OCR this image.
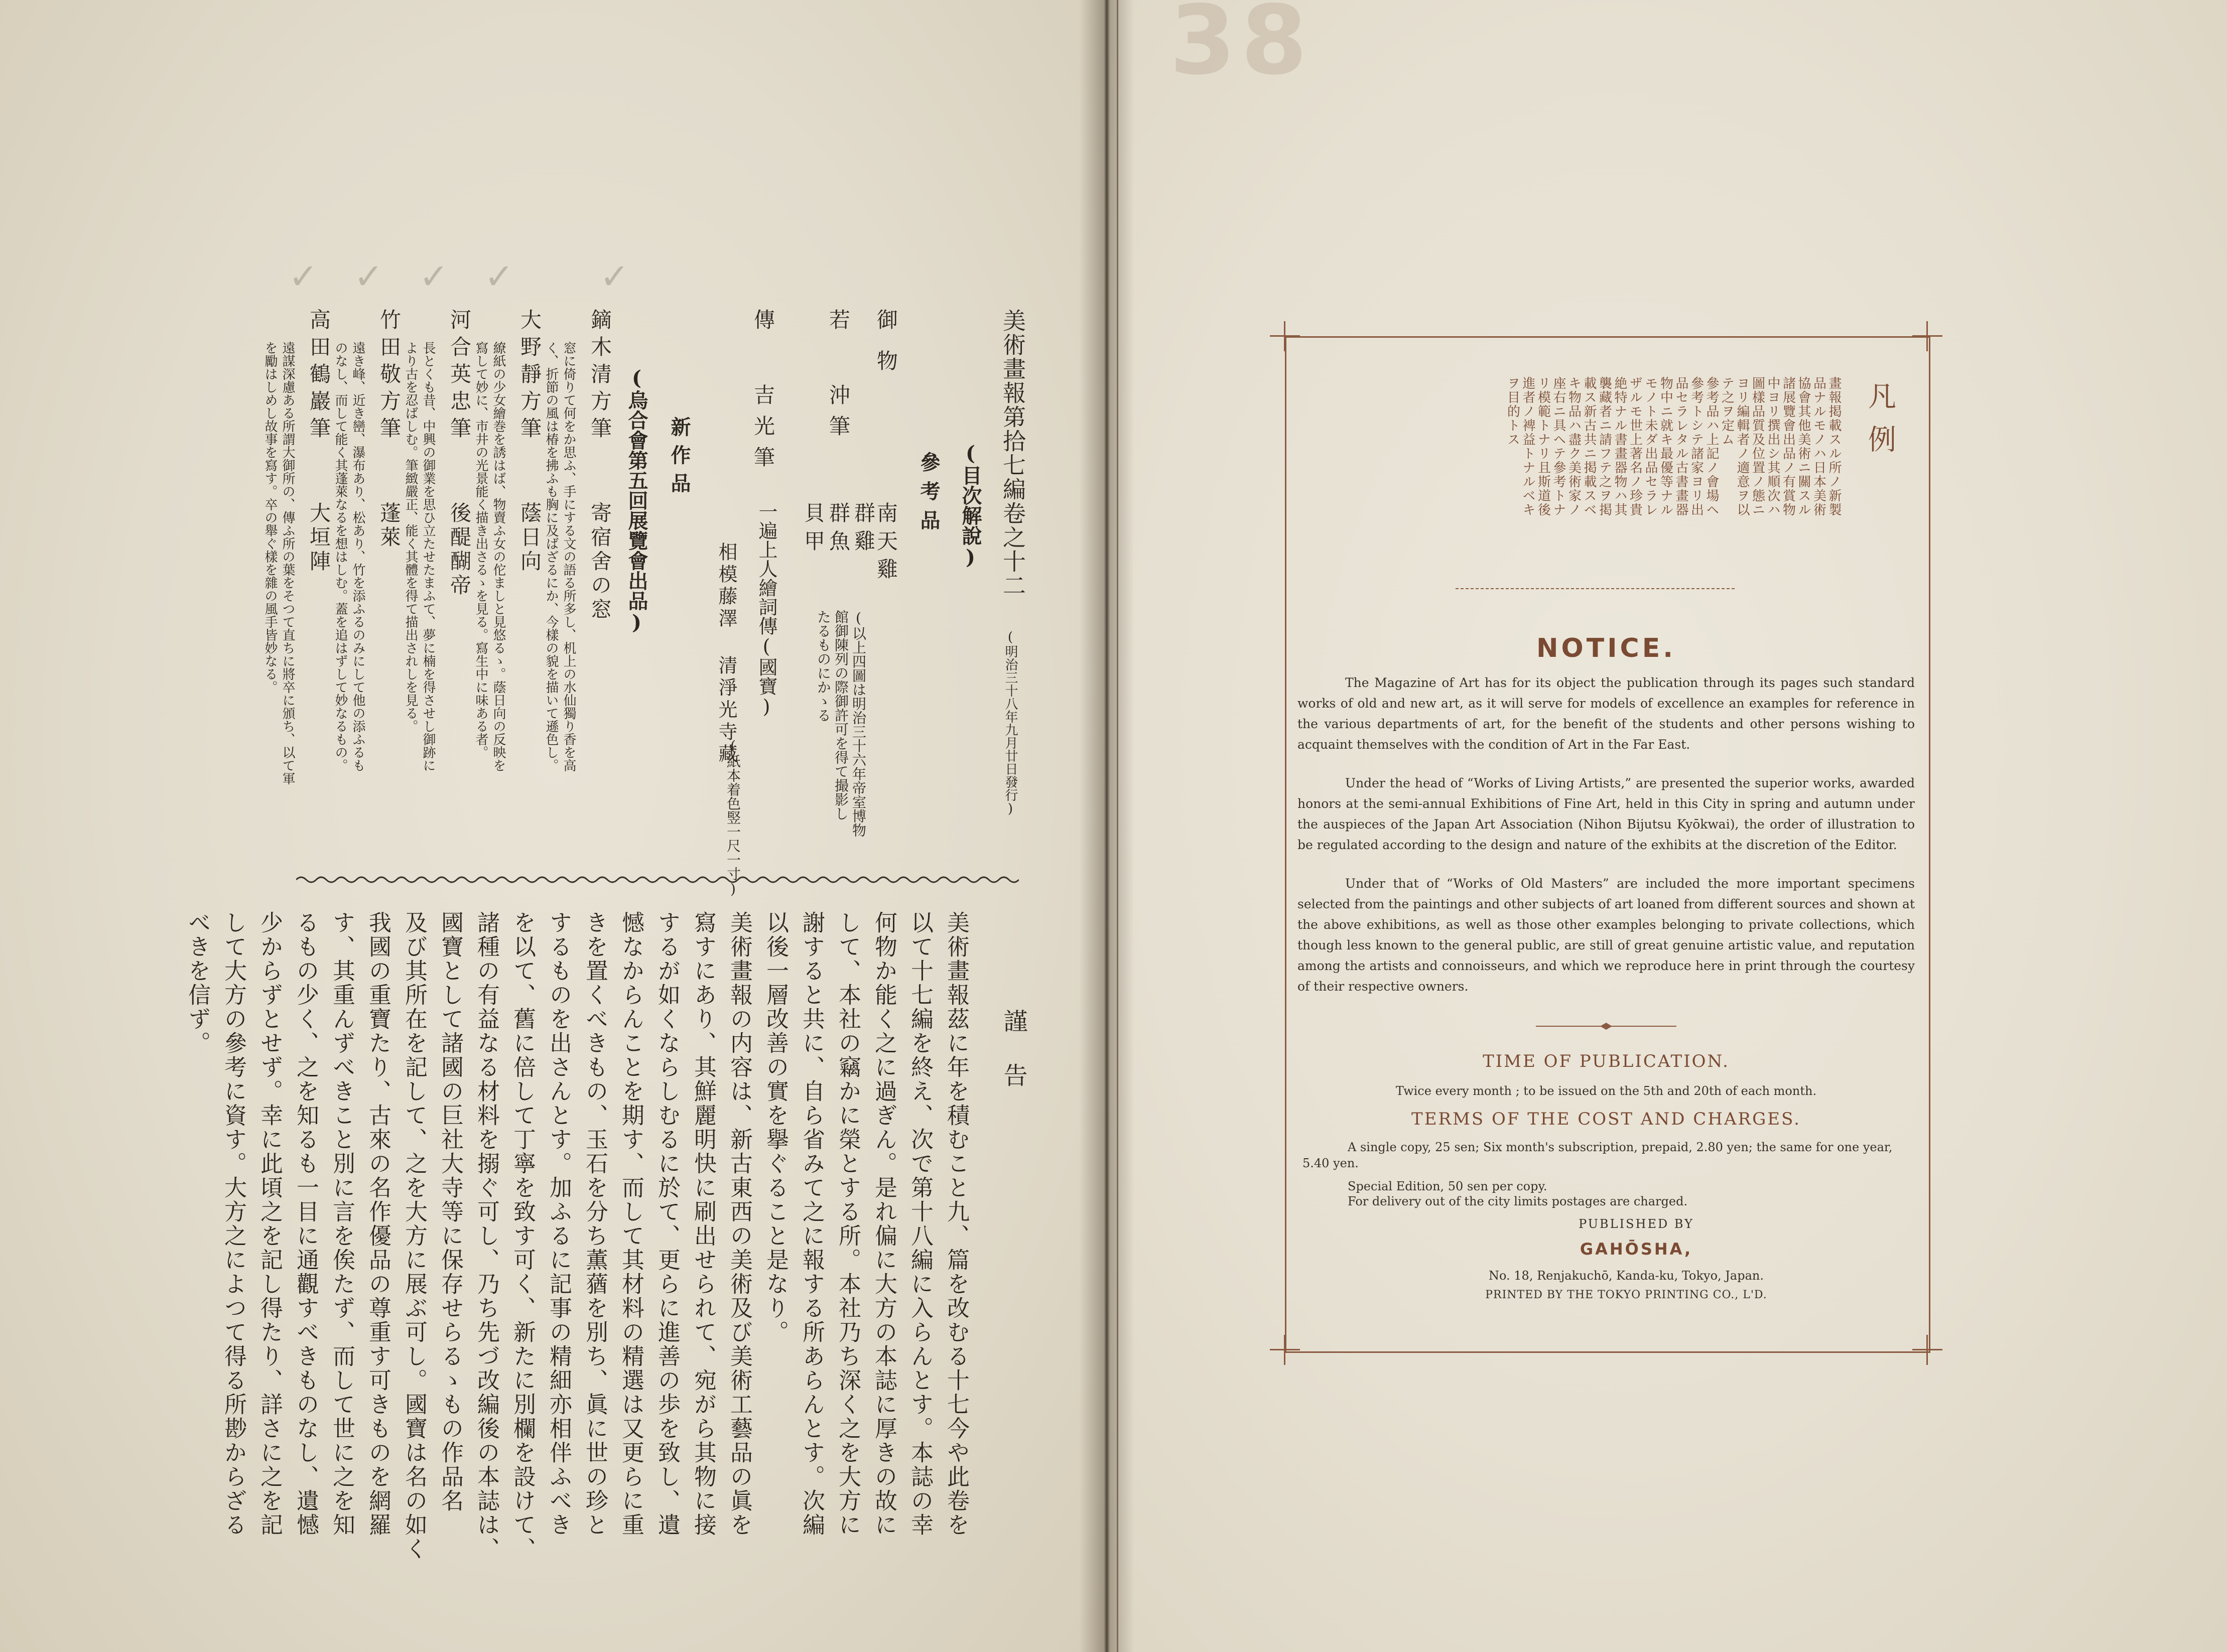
38
✓ ✓ ✓ ✓ ✓
美術畫報第拾七編卷之十二
(明治三十八年九月廿日發行)
(目次解說)
參考品
御物
南天雞
若
沖筆
群雞
群魚
貝甲
(以上四圖は明治三十六年帝室博物
館御陳列の際御許可を得て撮影し
たるものにかゝる
傳
吉光筆
一遍上人繪詞傳(國寶)
(紙本着色竪一尺一寸)
相模藤澤 清淨光寺藏
新作品
(烏合會第五回展覽會出品)
鏑木清方筆
寄宿舍の窓
窓に倚りて何をか思ふ、手にする文の語る所多し、机上の水仙獨り香を高
く、折節の風は椿を拂ふも胸に及ばざるにか、今樣の貌を描いて遜色し。
大野靜方筆
蔭日向
繚紙の少女繪巻を誘はば、物賣ふ女の佗ましと見悠るゝ。蔭日向の反映を
寫して妙に、市井の光景能く描き出さるゝを見る。寫生中に味ある者。
河合英忠筆
後醍醐帝
長とくも昔、中興の御業を思ひ立たせたまふて、夢に楠を得させし御跡に
より古を忍ばしむ。筆緻嚴正、能く其體を得て描出されしを見る。
竹田敬方筆
蓬萊
遠き峰、近き巒、瀑布あり、松あり、竹を添ふるのみにして他の添ふるも
のなし、而して能く其蓬萊なるを想はしむ。蓋を追はずして妙なるもの。
高田鶴巖筆
大垣陣
遠謀深慮ある所謂大御所の、傳ふ所の葉をそつて直ちに將卒に頒ち、以て軍
を勵はしめし故事を寫す。卒の舉ぐ樣を雜の風手皆妙なる。
謹告
美術畫報茲に年を積むこと九、篇を改むる十七今や此卷を
以て十七編を終え、次で第十八編に入らんとす。本誌の幸
何物か能く之に過ぎん。是れ偏に大方の本誌に厚きの故に
して、本社の竊かに榮とする所。本社乃ち深く之を大方に
謝すると共に、自ら省みて之に報する所あらんとす。次編
以後一層改善の實を擧ぐること是なり。
美術畫報の内容は、新古東西の美術及び美術工藝品の眞を
寫すにあり、其鮮麗明快に刷出せられて、宛がら其物に接
するが如くならしむるに於て、更らに進善の歩を致し、遺
憾なからんことを期す、而して其材料の精選は又更らに重
きを置くべきもの、玉石を分ち薫蕕を別ち、眞に世の珍と
するものを出さんとす。加ふるに記事の精細亦相伴ふべき
を以て、舊に倍して丁寧を致す可く、新たに別欄を設けて、
諸種の有益なる材料を搦ぐ可し、乃ち先づ改編後の本誌は、
國寶として諸國の巨社大寺等に保存せらるゝもの作品名
及び其所在を記して、之を大方に展ぶ可し。國寶は名の如く
我國の重寶たり、古來の名作優品の尊重す可きものを網羅
す、其重んずべきこと別に言を俟たず、而して世に之を知
るもの少く、之を知るも一目に通觀すべきものなし、遺憾
少からずとせず。幸に此頃之を記し得たり、詳さに之を記
して大方の參考に資す。大方之によつて得る所尠からざる
べきを信ず。
凡例
畫報掲載スル所ノ新製
品ナルモノハ日本美術
協會其他美術ニ關スル
諸展覽會出品ノ有賞物
中ヨリ撰出シ其順次ハ
圖樣品質及位置ノ態ニ
ヨリ編輯者ノ適意ヲ以
テ之ヲ定ム
參考品ハ上記ノ會場ヘ
參考トシテ諸家ヨリ出
品セラレタル古書畫器
物中ニ就キ最優等ナル
モノト未ダ出品セラレ
ザルモ世上著名ノ珍貴
絶特ナル書畫器物ハ其
襲藏者ニ請フテ之ヲ掲
載ス新古共ニ掲載スベ
キ物品ハ盡ク美術家ノ
座右ニ具ヘテ參考トナ
リ模範トナリ且斯道後
進者ノ裨益トナルベキ
ヲ目的トス
NOTICE.
The Magazine of Art has for its object the publication through its pages such standard works of old and new art, as it will serve for models of excellence an examples for reference in the various departments of art, for the benefit of the students and other persons wishing to acquaint themselves with the condition of Art in the Far East.
Under the head of “Works of Living Artists,” are presented the superior works, awarded honors at the semi-annual Exhibitions of Fine Art, held in this City in spring and autumn under the auspieces of the Japan Art Association (Nihon Bijutsu Kyōkwai), the order of illustration to be regulated according to the design and nature of the exhibits at the discretion of the Editor.
Under that of “Works of Old Masters” are included the more important specimens selected from the paintings and other subjects of art loaned from different sources and shown at the above exhibitions, as well as those other examples belonging to private collections, which though less known to the general public, are still of great genuine artistic value, and reputation among the artists and connoisseurs, and which we reproduce here in print through the courtesy of their respective owners.
TIME OF PUBLICATION.
Twice every month ; to be issued on the 5th and 20th of each month.
TERMS OF THE COST AND CHARGES.
A single copy, 25 sen; Six month's subscription, prepaid, 2.80 yen; the same for one year, 5.40 yen.
Special Edition, 50 sen per copy.
For delivery out of the city limits postages are charged.
PUBLISHED BY
GAHŌSHA,
No. 18, Renjakuchō, Kanda-ku, Tokyo, Japan.
PRINTED BY THE TOKYO PRINTING CO., L'D.
